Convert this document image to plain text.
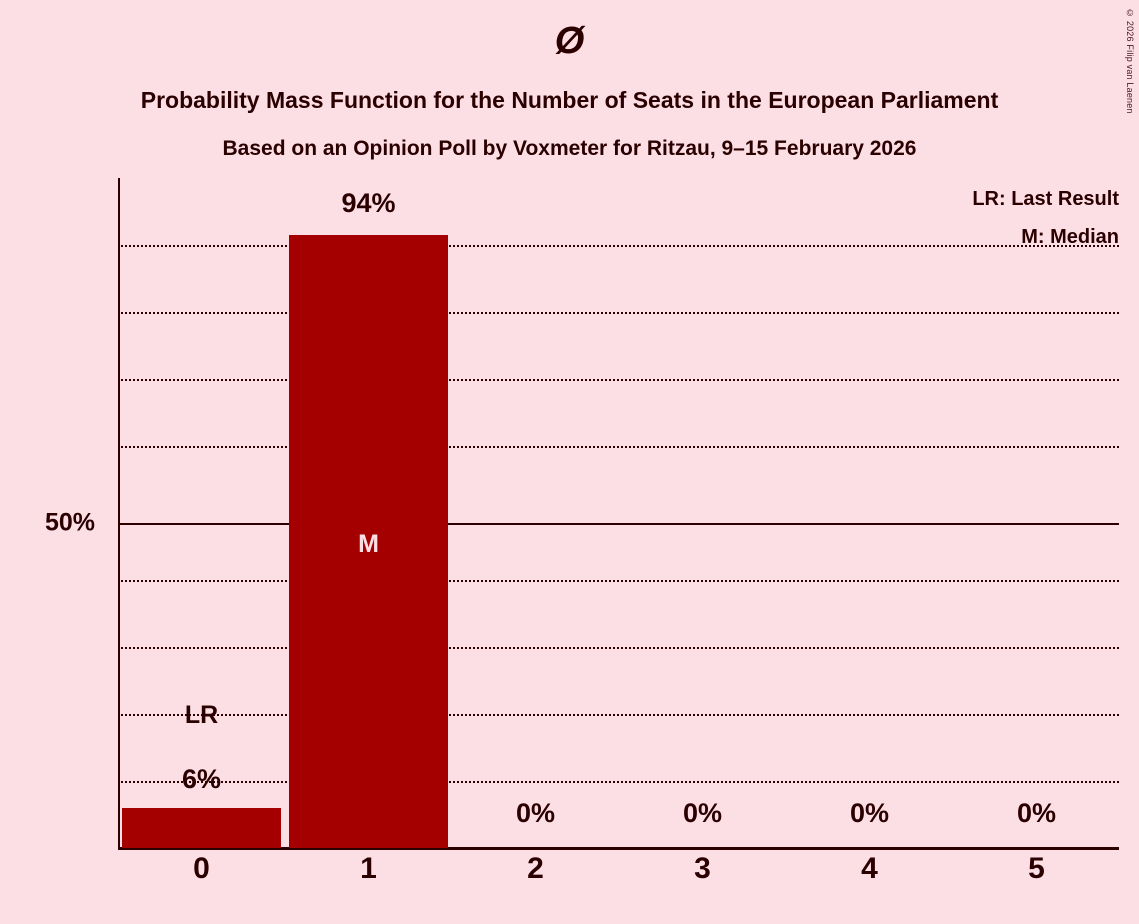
© 2026 Filip van Laenen
Ø
Probability Mass Function for the Number of Seats in the European Parliament
Based on an Opinion Poll by Voxmeter for Ritzau, 9–15 February 2026
50%
LR: Last Result
M: Median
6%
LR
94%
M
0%	0%	0%	0%
0	1	2	3	4	5
